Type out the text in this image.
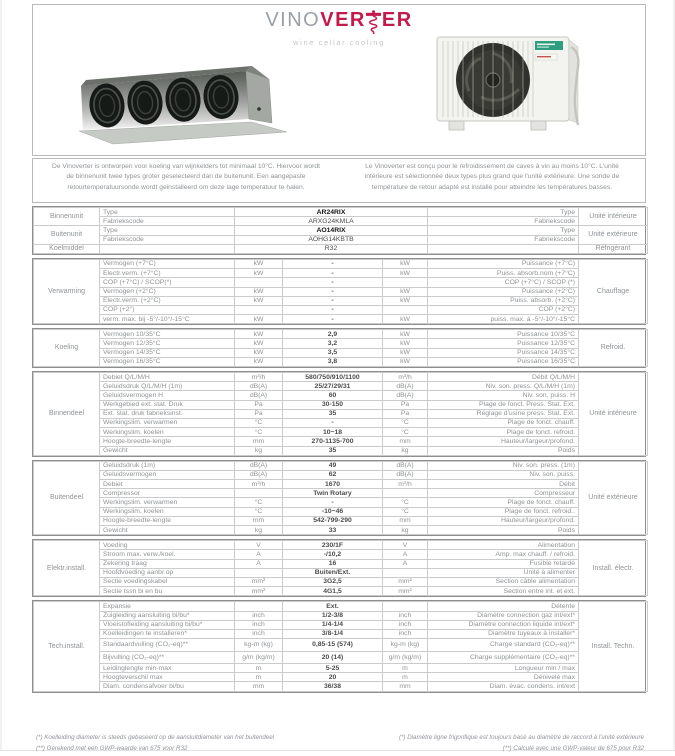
VINO VER ER
wine cellar cooling
De Vinoverter is ontworpen voor koeling van wijnkelders tot minimaal 10°C. Hiervoor wordt de binnenunit twee types groter geselecteerd dan de buitenunit. Een aangepaste retourtemperatuursonde wordt geinstalleerd om deze lage temperatuur te halen.
Le Vinoverter est conçu pour le refroidissement de caves à vin au moins 10°C. L'unité intérieure est sélectionnée deux types plus grand que l'unité extérieure. Une sonde de température de retour adapté est installé pour atteindre les températures basses.
Binnenunit	Type	AR24RIX	Type	Unité intérieure
	Fabriekscode	ARXG24KMLA	Fabriekscode	
Buitenunit	Type	AO14RIX	Type	Unité extérieure
	Fabriekscode	AOHG14KBTB	Fabriekscode	
Koelmiddel		R32		Réfrigérant
Verwarming	Vermogen (+7°C)	kW	-	kW	Puissance (+7°C)	Chauffage
	Electr.verm. (+7°C)	kW	-	kW	Puiss. absorb.nom (+7°C)	
	COP (+7°C) / SCOP(*)		-		COP (+7°C) / SCOP (*)	
	Vermogen (+2°C)	kW	-	kW	Puissance (+2°C)	
	Electr.verm. (+2°C)	kW	-	kW	Puiss. absorb. (+2°C)	
	COP (+2°)		-		COP (+2°C)	
	verm. max. bij -5°/-10°/-15°C	kW	-	kW	puiss. max. à -5°/-10°/-15°C	
Koeling	Vermogen 10/35°C	kW	2,9	kW	Puissance 10/35°C	Refroid.
	Vermogen 12/35°C	kW	3,2	kW	Puissance 12/35°C	
	Vermogen 14/35°C	kW	3,5	kW	Puissance 14/35°C	
	Vermogen 16/35°C	kW	3,8	kW	Puissance 16/35°C	
Binnendeel	Debiet Q/L/M/H	m³/h	580/750/910/1100	m³/h	Débit Q/L/M/H	Unité intérieure
	Geluidsdruk Q/L/M/H (1m)	dB(A)	25/27/29/31	dB(A)	Niv. son. press. Q/L/M/H (1m)	
	Geluidsvermogen H	dB(A)	60	dB(A)	Niv. son. puiss. H	
	Werkgebied ext. stat. Druk	Pa	30-150	Pa	Plage de fonct. Press. Stat. Ext.	
	Ext. stat. druk fabrieksinst.	Pa	35	Pa	Réglage d'usine press. Stat. Ext.	
	Werkingslim. verwarmen	°C	-	°C	Plage de fonct. chauff.	
	Werkingslim. koelen	°C	10~18	°C	Plage de fonct. refroid.	
	Hoogte-breedte-lengte	mm	270-1135-700	mm	Hauteur/largeur/profond.	
	Gewicht	kg	35	kg	Poids	
Buitendeel	Geluidsdruk (1m)	dB(A)	49	dB(A)	Niv. son. press. (1m)	Unité extérieure
	Geluidsvermogen	dB(A)	62	dB(A)	Niv. son. puiss.	
	Debiet	m³/h	1670	m³/h	Débit	
	Compressor		Twin Rotary		Compresseur	
	Werkingslim. verwarmen	°C	-	°C	Plage de fonct. chauff.	
	Werkingslim. koelen	°C	-10~46	°C	Plage de fonct. refroid..	
	Hoogte-breedte-lengte	mm	542-799-290	mm	Hauteur/largeur/profond.	
	Gewicht	kg	33	kg	Poids	
Elektr.install.	Voeding	V	230/1F	V	Alimentation	Install. électr.
	Stroom max. verw./koel.	A	-/10,2	A	Amp. max chauff. / refroid.	
	Zekering traag	A	16	A	Fusible retardé	
	Hoofdvoeding aanbr.op		Buiten/Ext.		Unité à alimenter	
	Sectie voedingskabel	mm²	3G2,5	mm²	Section câble alimentation	
	Sectie tssn bi en bu	mm²	4G1,5	mm²	Section entre int. et ext.	
Tech.install.	Expansie		Ext.		Détente	Install. Techn.
	Zuigleiding aansluiting bi/bu*	inch	1/2-3/8	inch	Diamètre connection gaz int/ext*	
	Vloeistofleiding aansluiting bi/bu*	inch	1/4-1/4	inch	Diamètre connection liquide int/ext*	
	Koelleidingen te installeren*	inch	3/8-1/4	inch	Diamètre tuyeaux à installer*	
	Standaardvulling (CO₂-eq)**	kg-m (kg)	0,85-15 (574)	kg-m (kg)	Charge standard (CO₂-eq)**	
	Bijvulling (CO₂-eq)**	g/m (kg/m)	20 (14)	g/m (kg/m)	Charge supplémentaire (CO₂-eq)**	
	Leidinglengte min-max	m	5-25	m	Longueur min / max	
	Hoogteverschil max	m	20	m	Dénivelé max	
	Diam. condensafvoer bi/bu	mm	36/38	mm	Diam. évac. condens. int/ext	
(*) Koelleiding diameter is steeds gebaseerd op de aansluitdiameter van het buitendeel	(*) Diamètre ligne frigorifique est toujours basé au diamètre de raccord à l'unité extérieure
(**) Gerekend met een GWP-waarde van 675 voor R32	(**) Calculé avec une GWP-valeur de 675 pour R32
